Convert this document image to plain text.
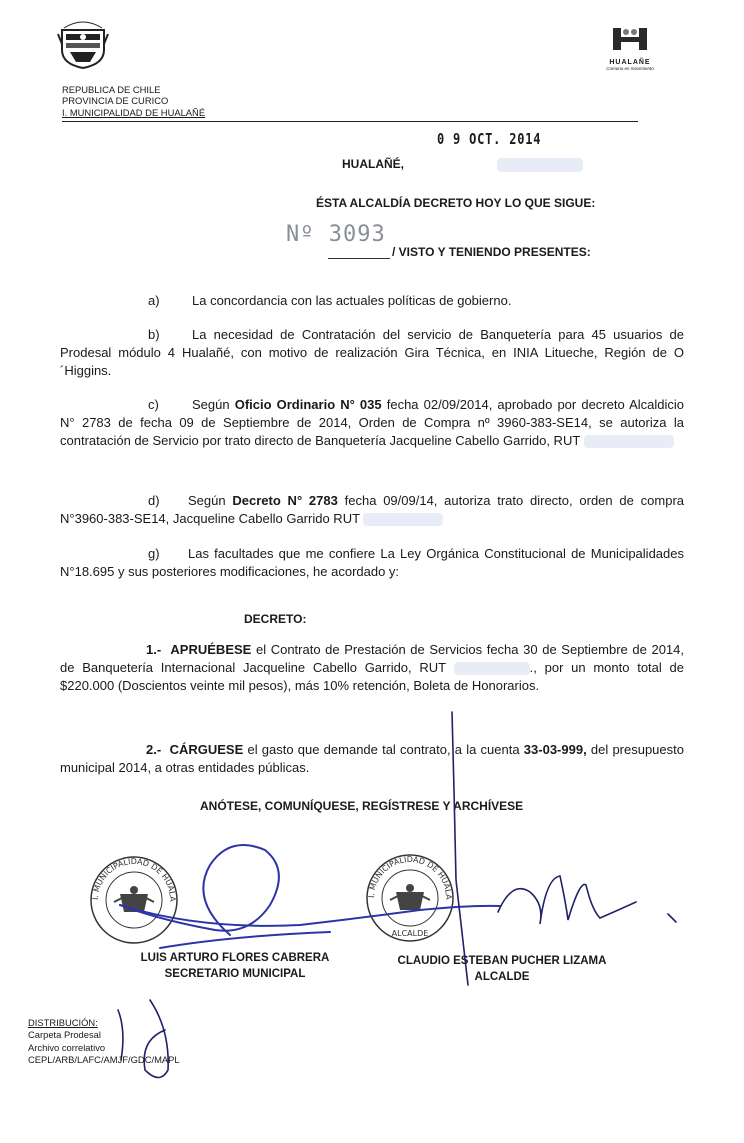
HUALAÑE
Comuna en movimiento
REPUBLICA DE CHILE
PROVINCIA DE CURICO
I. MUNICIPALIDAD DE HUALAÑÉ
0 9 OCT. 2014
HUALAÑÉ,
ÉSTA ALCALDÍA DECRETO HOY LO QUE SIGUE:
Nº 3093
/ VISTO Y TENIENDO PRESENTES:
a) La concordancia con las actuales políticas de gobierno.
b) La necesidad de Contratación del servicio de Banquetería para 45 usuarios de Prodesal módulo 4 Hualañé, con motivo de realización Gira Técnica, en INIA Litueche, Región de O´Higgins.
c)	Según Oficio Ordinario N° 035 fecha 02/09/2014, aprobado por decreto Alcaldicio N° 2783 de fecha 09 de Septiembre de 2014, Orden de Compra nº 3960-383-SE14, se autoriza la contratación de Servicio por trato directo de Banquetería Jacqueline Cabello Garrido, RUT
d) Según Decreto N° 2783 fecha 09/09/14, autoriza trato directo, orden de compra N°3960-383-SE14, Jacqueline Cabello Garrido RUT
g) Las facultades que me confiere La Ley Orgánica Constitucional de Municipalidades N°18.695 y sus posteriores modificaciones, he acordado y:
DECRETO:
1.- APRUÉBESE el Contrato de Prestación de Servicios fecha 30 de Septiembre de 2014, de Banquetería Internacional Jacqueline Cabello Garrido, RUT	., por un monto total de $220.000 (Doscientos veinte mil pesos), más 10% retención, Boleta de Honorarios.
2.- CÁRGUESE el gasto que demande tal contrato, a la cuenta 33-03-999, del presupuesto municipal 2014, a otras entidades públicas.
ANÓTESE, COMUNÍQUESE, REGÍSTRESE Y ARCHÍVESE
I. MUNICIPALIDAD DE HUALA	I. MUNICIPALIDAD DE HUALA
ALCALDE
LUIS ARTURO FLORES CABRERA
SECRETARIO MUNICIPAL
CLAUDIO ESTEBAN PUCHER LIZAMA
ALCALDE
DISTRIBUCIÓN:
Carpeta Prodesal
Archivo correlativo
CEPL/ARB/LAFC/AMJF/GDC/MAPL
